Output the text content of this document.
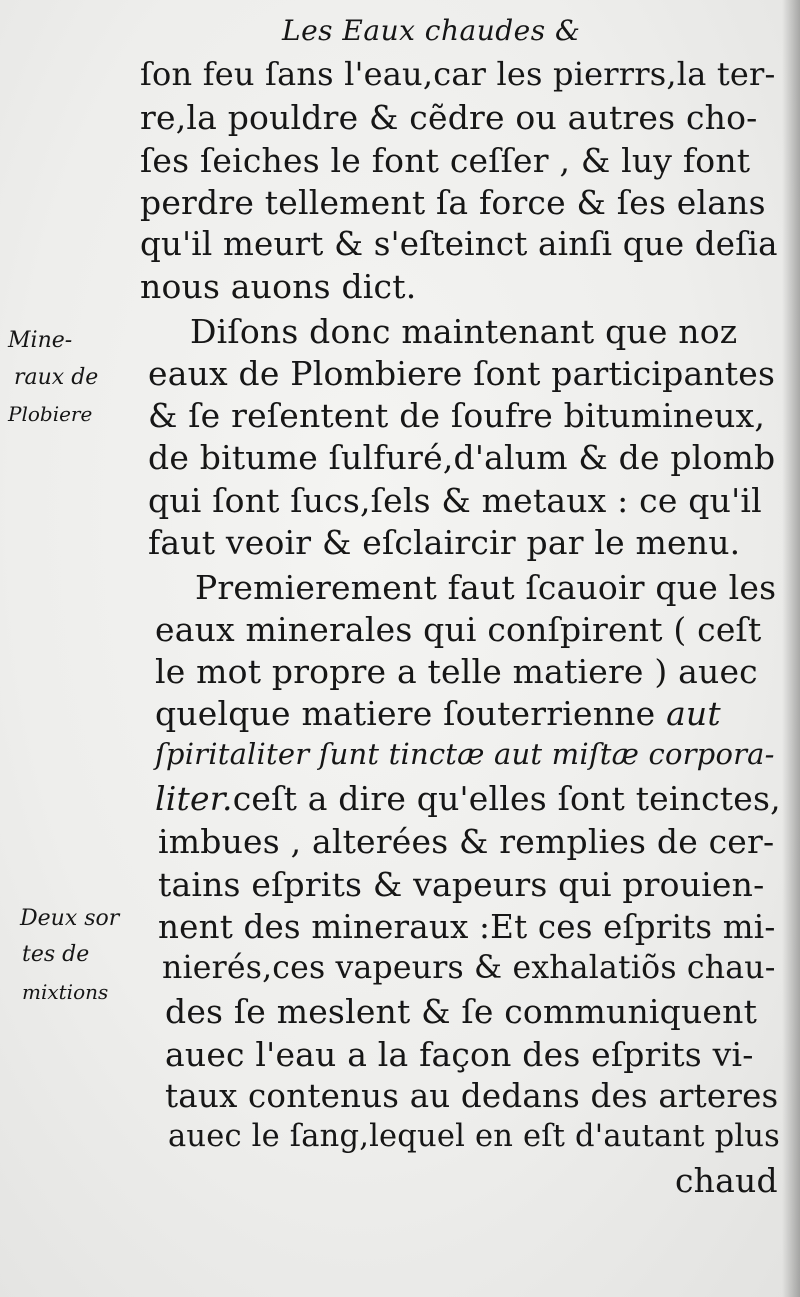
Les Eaux chaudes &
Mine-
raux de
Plobiere
Deux sor
tes de
mixtions
ſon feu ſans l'eau,car les pierrrs,la ter-
re,la pouldre & cẽdre ou autres cho-
ſes ſeiches le font ceſſer , & luy font
perdre tellement ſa force & ſes elans
qu'il meurt & s'eſteinct ainſi que deſia
nous auons dict.
Diſons donc maintenant que noz
eaux de Plombiere ſont participantes
& ſe reſentent de ſoufre bitumineux,
de bitume ſulfuré,d'alum & de plomb
qui ſont ſucs,ſels & metaux : ce qu'il
faut veoir & eſclaircir par le menu.
Premierement faut ſcauoir que les
eaux minerales qui conſpirent ( ceſt
le mot propre a telle matiere ) auec
quelque matiere ſouterrienne aut
ſpiritaliter ſunt tinctæ aut miſtæ corpora-
liter.ceſt a dire qu'elles ſont teinctes,
imbues , alterées & remplies de cer-
tains eſprits & vapeurs qui prouien-
nent des mineraux :Et ces eſprits mi-
nierés,ces vapeurs & exhalatiõs chau-
des ſe meslent & ſe communiquent
auec l'eau a la façon des eſprits vi-
taux contenus au dedans des arteres
auec le ſang,lequel en eſt d'autant plus
chaud
